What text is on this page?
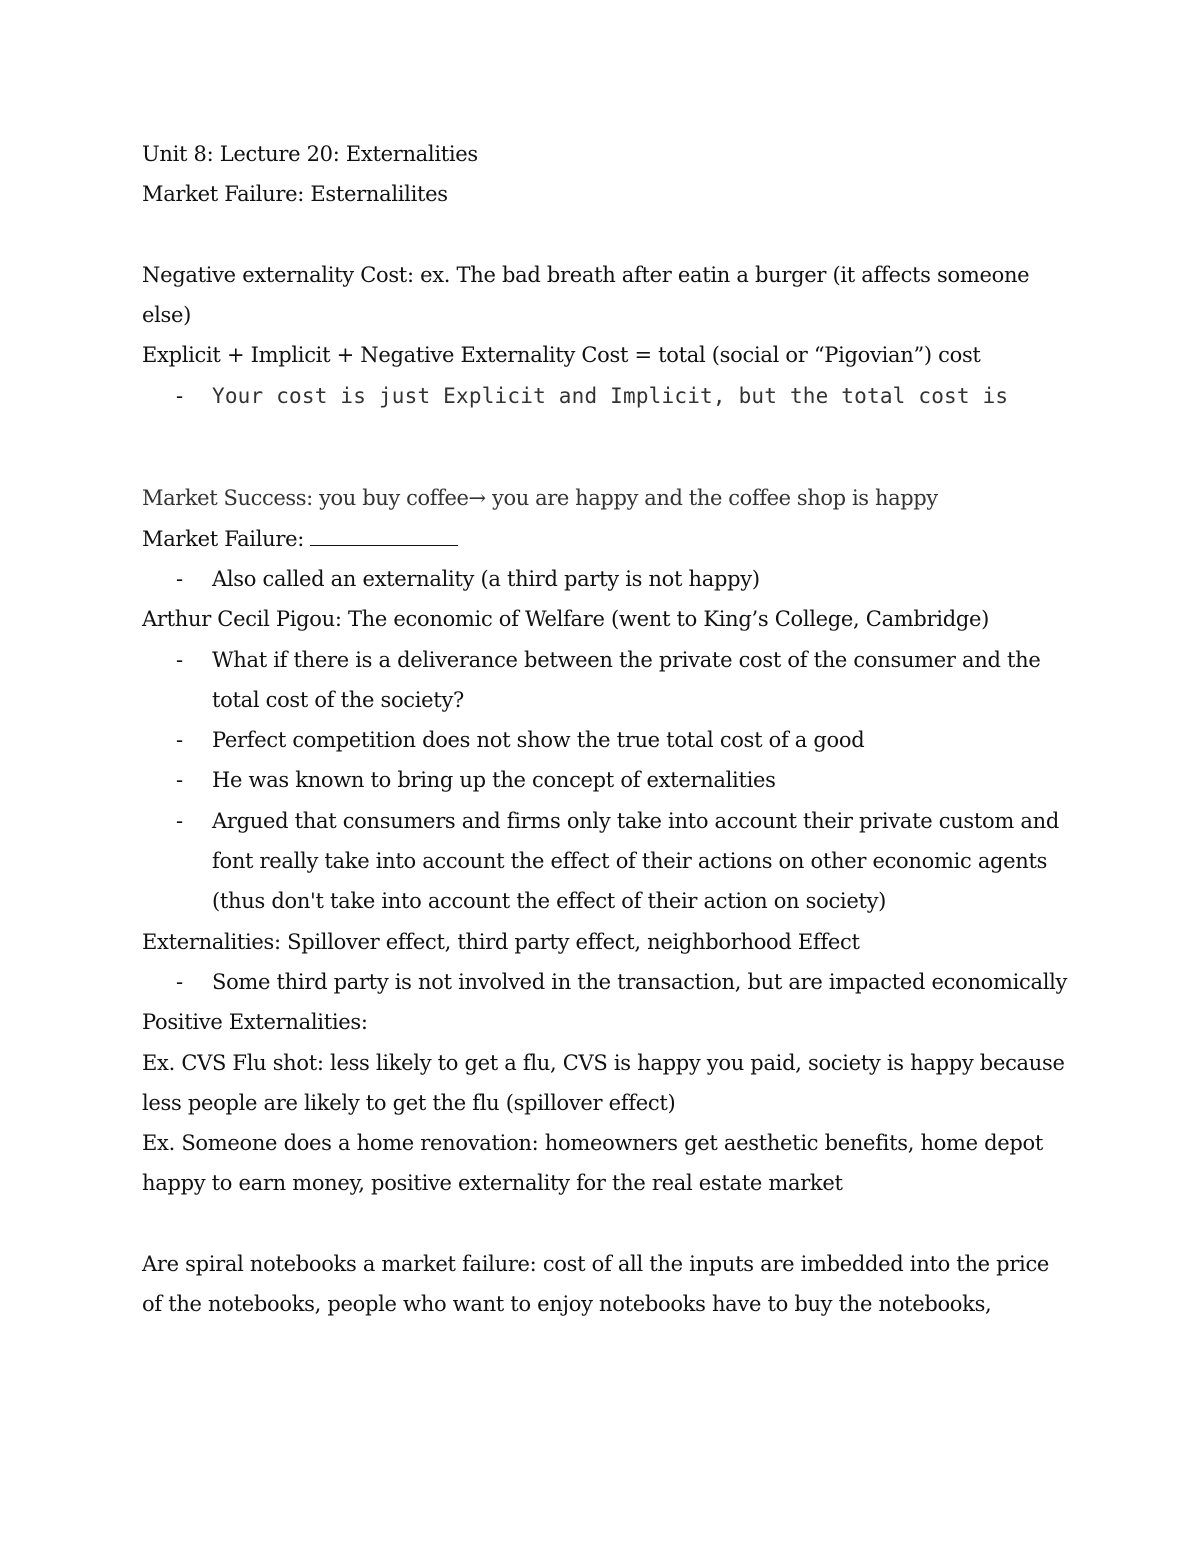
Unit 8: Lecture 20: Externalities

Market Failure: Esternalilites

Negative externality Cost: ex. The bad breath after eatin a burger (it affects someone else)

Explicit + Implicit + Negative Externality Cost = total (social or “Pigovian”) cost

- Your cost is just Explicit and Implicit, but the total cost is

Market Success: you buy coffee→ you are happy and the coffee shop is happy

Market Failure:

- Also called an externality (a third party is not happy)

Arthur Cecil Pigou: The economic of Welfare (went to King’s College, Cambridge)

- What if there is a deliverance between the private cost of the consumer and the total cost of the society?
- Perfect competition does not show the true total cost of a good
- He was known to bring up the concept of externalities
- Argued that consumers and firms only take into account their private custom and font really take into account the effect of their actions on other economic agents (thus don't take into account the effect of their action on society)

Externalities: Spillover effect, third party effect, neighborhood Effect

- Some third party is not involved in the transaction, but are impacted economically

Positive Externalities:

Ex. CVS Flu shot: less likely to get a flu, CVS is happy you paid, society is happy because less people are likely to get the flu (spillover effect)

Ex. Someone does a home renovation: homeowners get aesthetic benefits, home depot happy to earn money, positive externality for the real estate market

Are spiral notebooks a market failure: cost of all the inputs are imbedded into the price of the notebooks, people who want to enjoy notebooks have to buy the notebooks,
